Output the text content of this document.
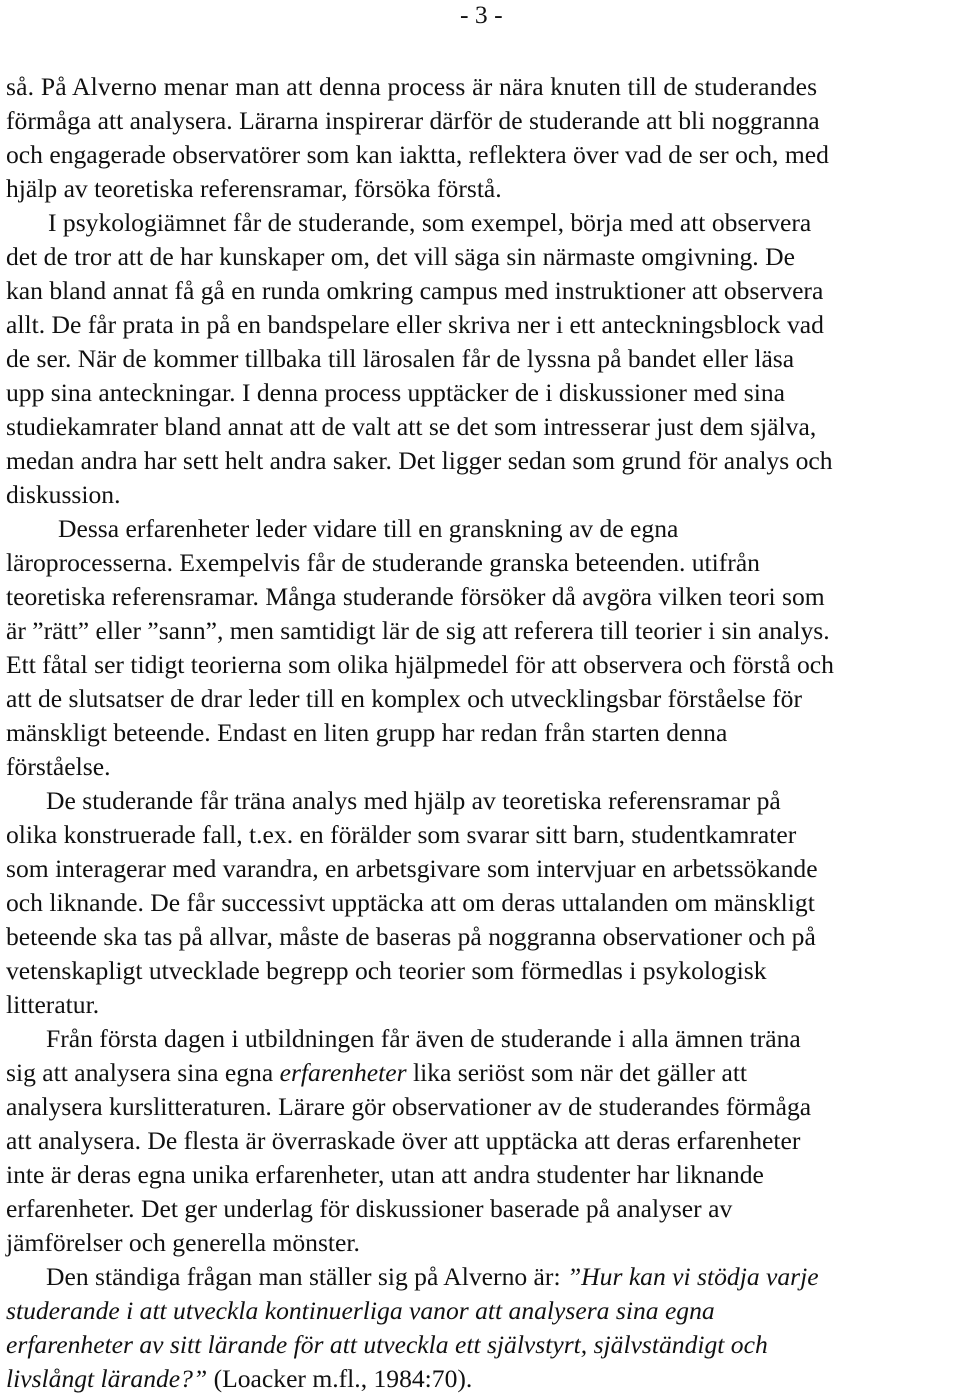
- 3 -
så. På Alverno menar man att denna process är nära knuten till de studerandes
förmåga att analysera. Lärarna inspirerar därför de studerande att bli noggranna
och engagerade observatörer som kan iaktta, reflektera över vad de ser och, med
hjälp av teoretiska referensramar, försöka förstå.
I psykologiämnet får de studerande, som exempel, börja med att observera
det de tror att de har kunskaper om, det vill säga sin närmaste omgivning. De
kan bland annat få gå en runda omkring campus med instruktioner att observera
allt. De får prata in på en bandspelare eller skriva ner i ett anteckningsblock vad
de ser. När de kommer tillbaka till lärosalen får de lyssna på bandet eller läsa
upp sina anteckningar. I denna process upptäcker de i diskussioner med sina
studiekamrater bland annat att de valt att se det som intresserar just dem själva,
medan andra har sett helt andra saker. Det ligger sedan som grund för analys och
diskussion.
Dessa erfarenheter leder vidare till en granskning av de egna
läroprocesserna. Exempelvis får de studerande granska beteenden. utifrån
teoretiska referensramar. Många studerande försöker då avgöra vilken teori som
är ”rätt” eller ”sann”, men samtidigt lär de sig att referera till teorier i sin analys.
Ett fåtal ser tidigt teorierna som olika hjälpmedel för att observera och förstå och
att de slutsatser de drar leder till en komplex och utvecklingsbar förståelse för
mänskligt beteende. Endast en liten grupp har redan från starten denna
förståelse.
De studerande får träna analys med hjälp av teoretiska referensramar på
olika konstruerade fall, t.ex. en förälder som svarar sitt barn, studentkamrater
som interagerar med varandra, en arbetsgivare som intervjuar en arbetssökande
och liknande. De får successivt upptäcka att om deras uttalanden om mänskligt
beteende ska tas på allvar, måste de baseras på noggranna observationer och på
vetenskapligt utvecklade begrepp och teorier som förmedlas i psykologisk
litteratur.
Från första dagen i utbildningen får även de studerande i alla ämnen träna
sig att analysera sina egna erfarenheter lika seriöst som när det gäller att
analysera kurslitteraturen. Lärare gör observationer av de studerandes förmåga
att analysera. De flesta är överraskade över att upptäcka att deras erfarenheter
inte är deras egna unika erfarenheter, utan att andra studenter har liknande
erfarenheter. Det ger underlag för diskussioner baserade på analyser av
jämförelser och generella mönster.
Den ständiga frågan man ställer sig på Alverno är: ”Hur kan vi stödja varje
studerande i att utveckla kontinuerliga vanor att analysera sina egna
erfarenheter av sitt lärande för att utveckla ett självstyrt, självständigt och
livslångt lärande?” (Loacker m.fl., 1984:70).
